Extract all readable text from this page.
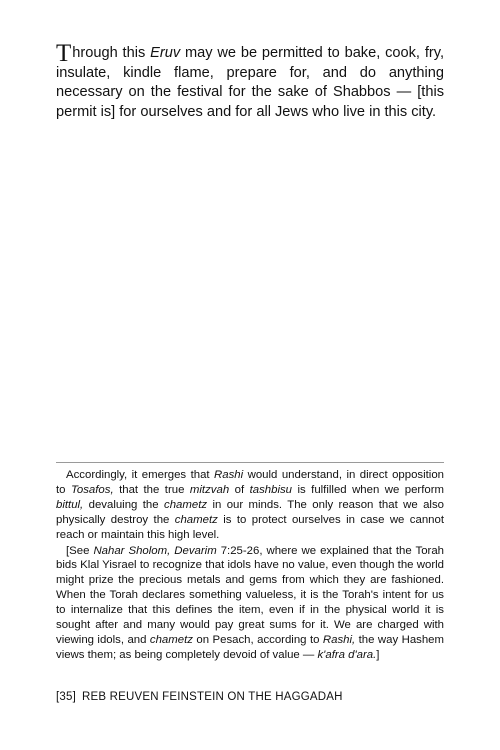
Through this Eruv may we be permitted to bake, cook, fry, insulate, kindle flame, prepare for, and do anything necessary on the festival for the sake of Shabbos — [this permit is] for ourselves and for all Jews who live in this city.

Accordingly, it emerges that Rashi would understand, in direct opposition to Tosafos, that the true mitzvah of tashbisu is fulfilled when we perform bittul, devaluing the chametz in our minds. The only reason that we also physically destroy the chametz is to protect ourselves in case we cannot reach or maintain this high level.

[See Nahar Sholom, Devarim 7:25-26, where we explained that the Torah bids Klal Yisrael to recognize that idols have no value, even though the world might prize the precious metals and gems from which they are fashioned. When the Torah declares something valueless, it is the Torah's intent for us to internalize that this defines the item, even if in the physical world it is sought after and many would pay great sums for it. We are charged with viewing idols, and chametz on Pesach, according to Rashi, the way Hashem views them; as being completely devoid of value — k'afra d'ara.]

[35] REB REUVEN FEINSTEIN ON THE HAGGADAH
